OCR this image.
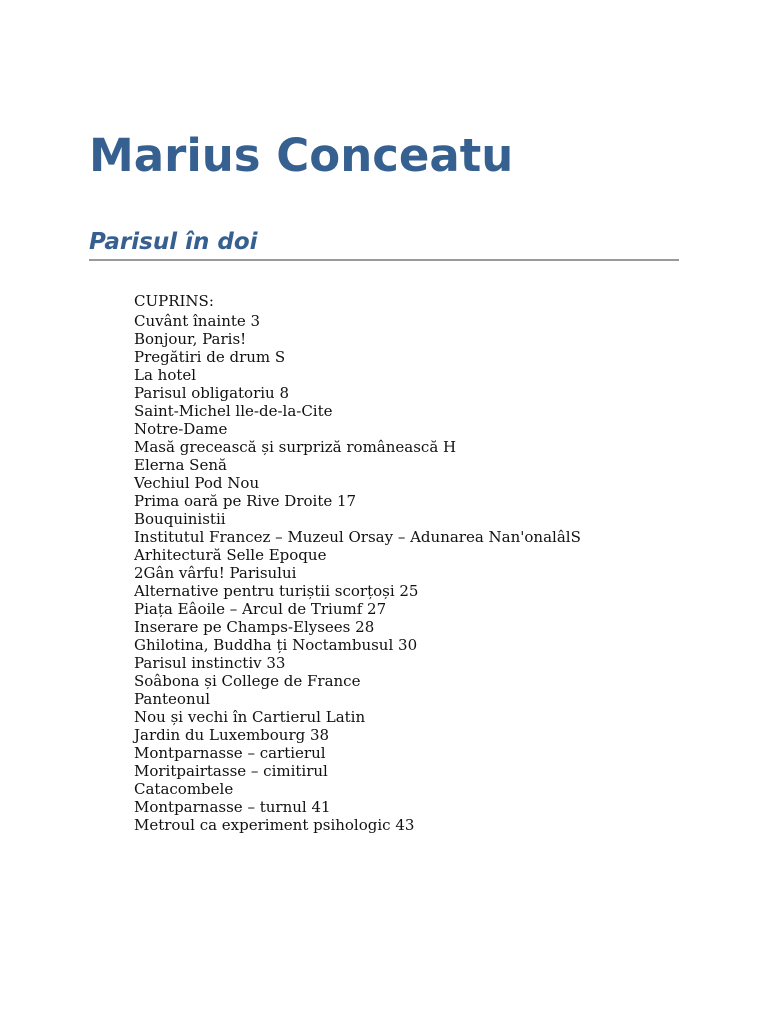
Marius Conceatu
Parisul în doi
CUPRINS:
Cuvânt înainte 3
Bonjour, Paris!
Pregătiri de drum S
La hotel
Parisul obligatoriu 8
Saint-Michel lle-de-la-Cite
Notre-Dame
Masă grecească și surpriză românească H
Elerna Senă
Vechiul Pod Nou
Prima oară pe Rive Droite 17
Bouquinistii
Institutul Francez – Muzeul Orsay – Adunarea Nan'onalâlS
Arhitectură Selle Epoque
2Gân vârfu! Parisului
Alternative pentru turiștii scorțoși 25
Piața Eâoile – Arcul de Triumf 27
Inserare pe Champs-Elysees 28
Ghilotina, Buddha ți Noctambusul 30
Parisul instinctiv 33
Soâbona și College de France
Panteonul
Nou și vechi în Cartierul Latin
Jardin du Luxembourg 38
Montparnasse – cartierul
Moritpairtasse – cimitirul
Catacombele
Montparnasse – turnul 41
Metroul ca experiment psihologic 43
